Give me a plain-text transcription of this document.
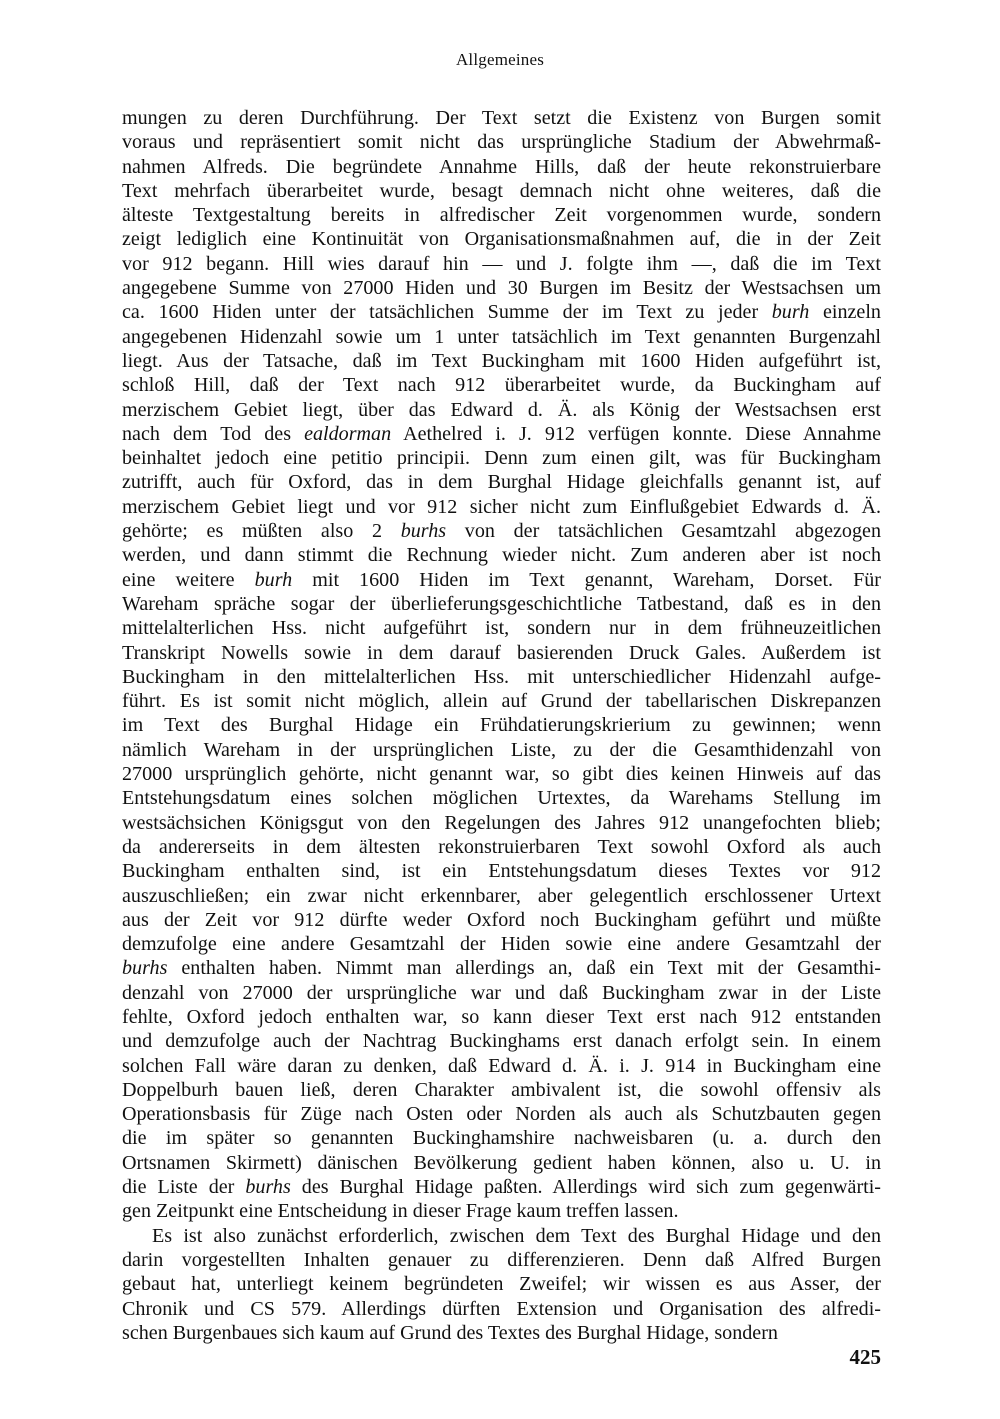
Allgemeines
mungen zu deren Durchführung. Der Text setzt die Existenz von Burgen somit
voraus und repräsentiert somit nicht das ursprüngliche Stadium der Abwehrmaß-
nahmen Alfreds. Die begründete Annahme Hills, daß der heute rekonstruierbare
Text mehrfach überarbeitet wurde, besagt demnach nicht ohne weiteres, daß die
älteste Textgestaltung bereits in alfredischer Zeit vorgenommen wurde, sondern
zeigt lediglich eine Kontinuität von Organisationsmaßnahmen auf, die in der Zeit
vor 912 begann. Hill wies darauf hin — und J. folgte ihm —, daß die im Text
angegebene Summe von 27000 Hiden und 30 Burgen im Besitz der Westsachsen um
ca. 1600 Hiden unter der tatsächlichen Summe der im Text zu jeder burh einzeln
angegebenen Hidenzahl sowie um 1 unter tatsächlich im Text genannten Burgenzahl
liegt. Aus der Tatsache, daß im Text Buckingham mit 1600 Hiden aufgeführt ist,
schloß Hill, daß der Text nach 912 überarbeitet wurde, da Buckingham auf
merzischem Gebiet liegt, über das Edward d. Ä. als König der Westsachsen erst
nach dem Tod des ealdorman Aethelred i. J. 912 verfügen konnte. Diese Annahme
beinhaltet jedoch eine petitio principii. Denn zum einen gilt, was für Buckingham
zutrifft, auch für Oxford, das in dem Burghal Hidage gleichfalls genannt ist, auf
merzischem Gebiet liegt und vor 912 sicher nicht zum Einflußgebiet Edwards d. Ä.
gehörte; es müßten also 2 burhs von der tatsächlichen Gesamtzahl abgezogen
werden, und dann stimmt die Rechnung wieder nicht. Zum anderen aber ist noch
eine weitere burh mit 1600 Hiden im Text genannt, Wareham, Dorset. Für
Wareham spräche sogar der überlieferungsgeschichtliche Tatbestand, daß es in den
mittelalterlichen Hss. nicht aufgeführt ist, sondern nur in dem frühneuzeitlichen
Transkript Nowells sowie in dem darauf basierenden Druck Gales. Außerdem ist
Buckingham in den mittelalterlichen Hss. mit unterschiedlicher Hidenzahl aufge-
führt. Es ist somit nicht möglich, allein auf Grund der tabellarischen Diskrepanzen
im Text des Burghal Hidage ein Frühdatierungskrierium zu gewinnen; wenn
nämlich Wareham in der ursprünglichen Liste, zu der die Gesamthidenzahl von
27000 ursprünglich gehörte, nicht genannt war, so gibt dies keinen Hinweis auf das
Entstehungsdatum eines solchen möglichen Urtextes, da Warehams Stellung im
westsächsichen Königsgut von den Regelungen des Jahres 912 unangefochten blieb;
da andererseits in dem ältesten rekonstruierbaren Text sowohl Oxford als auch
Buckingham enthalten sind, ist ein Entstehungsdatum dieses Textes vor 912
auszuschließen; ein zwar nicht erkennbarer, aber gelegentlich erschlossener Urtext
aus der Zeit vor 912 dürfte weder Oxford noch Buckingham geführt und müßte
demzufolge eine andere Gesamtzahl der Hiden sowie eine andere Gesamtzahl der
burhs enthalten haben. Nimmt man allerdings an, daß ein Text mit der Gesamthi-
denzahl von 27000 der ursprüngliche war und daß Buckingham zwar in der Liste
fehlte, Oxford jedoch enthalten war, so kann dieser Text erst nach 912 entstanden
und demzufolge auch der Nachtrag Buckinghams erst danach erfolgt sein. In einem
solchen Fall wäre daran zu denken, daß Edward d. Ä. i. J. 914 in Buckingham eine
Doppelburh bauen ließ, deren Charakter ambivalent ist, die sowohl offensiv als
Operationsbasis für Züge nach Osten oder Norden als auch als Schutzbauten gegen
die im später so genannten Buckinghamshire nachweisbaren (u. a. durch den
Ortsnamen Skirmett) dänischen Bevölkerung gedient haben können, also u. U. in
die Liste der burhs des Burghal Hidage paßten. Allerdings wird sich zum gegenwärti-
gen Zeitpunkt eine Entscheidung in dieser Frage kaum treffen lassen.
Es ist also zunächst erforderlich, zwischen dem Text des Burghal Hidage und den
darin vorgestellten Inhalten genauer zu differenzieren. Denn daß Alfred Burgen
gebaut hat, unterliegt keinem begründeten Zweifel; wir wissen es aus Asser, der
Chronik und CS 579. Allerdings dürften Extension und Organisation des alfredi-
schen Burgenbaues sich kaum auf Grund des Textes des Burghal Hidage, sondern
425
